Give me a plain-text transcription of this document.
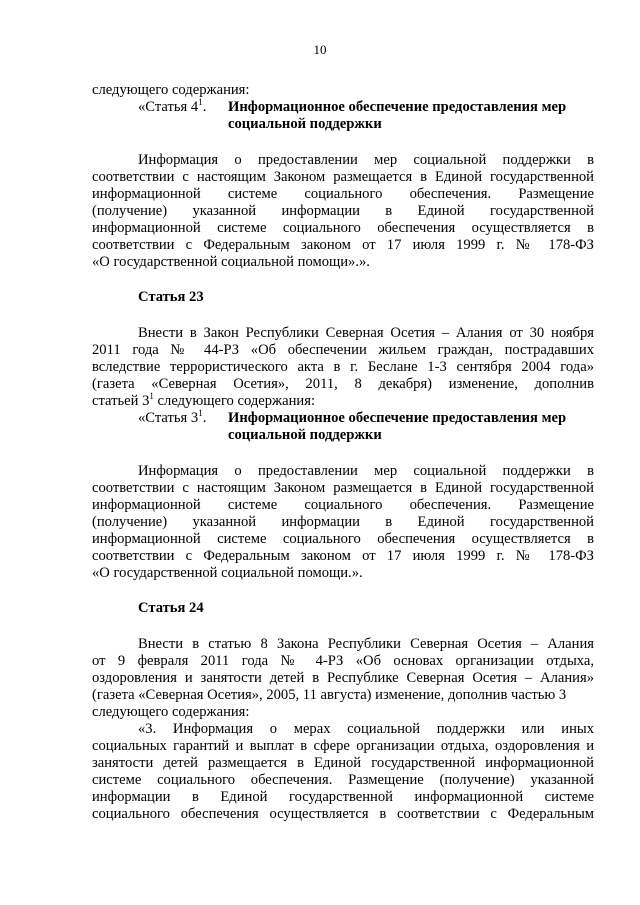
10
следующего содержания:
«Статья $4^1$.	Информационное обеспечение предоставления мер
социальной поддержки
Информация о предоставлении мер социальной поддержки в
соответствии с настоящим Законом размещается в Единой государственной
информационной системе социального обеспечения. Размещение
(получение) указанной информации в Единой государственной
информационной системе социального обеспечения осуществляется в
соответствии с Федеральным законом от 17 июля 1999 г. № 178-ФЗ
«О государственной социальной помощи».».
Статья 23
Внести в Закон Республики Северная Осетия – Алания от 30 ноября
2011 года № 44-РЗ «Об обеспечении жильем граждан, пострадавших
вследствие террористического акта в г. Беслане 1-3 сентября 2004 года»
(газета «Северная Осетия», 2011, 8 декабря) изменение, дополнив
статьей $3^1$ следующего содержания:
«Статья $3^1$.	Информационное обеспечение предоставления мер
социальной поддержки
Информация о предоставлении мер социальной поддержки в
соответствии с настоящим Законом размещается в Единой государственной
информационной системе социального обеспечения. Размещение
(получение) указанной информации в Единой государственной
информационной системе социального обеспечения осуществляется в
соответствии с Федеральным законом от 17 июля 1999 г. № 178-ФЗ
«О государственной социальной помощи.».
Статья 24
Внести в статью 8 Закона Республики Северная Осетия – Алания
от 9 февраля 2011 года № 4-РЗ «Об основах организации отдыха,
оздоровления и занятости детей в Республике Северная Осетия – Алания»
(газета «Северная Осетия», 2005, 11 августа) изменение, дополнив частью 3
следующего содержания:
«3. Информация о мерах социальной поддержки или иных
социальных гарантий и выплат в сфере организации отдыха, оздоровления и
занятости детей размещается в Единой государственной информационной
системе социального обеспечения. Размещение (получение) указанной
информации в Единой государственной информационной системе
социального обеспечения осуществляется в соответствии с Федеральным
